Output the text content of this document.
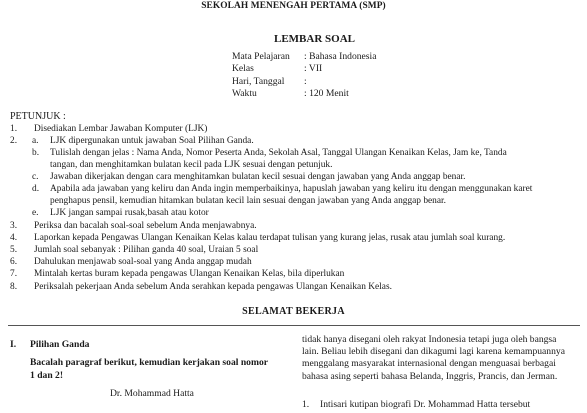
SEKOLAH MENENGAH PERTAMA (SMP)
LEMBAR SOAL
Mata Pelajaran : Bahasa Indonesia
Kelas	: VII
Hari, Tanggal :
Waktu	: 120 Menit
PETUNJUK :
1. Disediakan Lembar Jawaban Komputer (LJK)
2. a. LJK dipergunakan untuk jawaban Soal Pilihan Ganda.
b. Tulislah dengan jelas : Nama Anda, Nomor Peserta Anda, Sekolah Asal, Tanggal Ulangan Kenaikan Kelas, Jam ke, Tanda
tangan, dan menghitamkan bulatan kecil pada LJK sesuai dengan petunjuk.
c. Jawaban dikerjakan dengan cara menghitamkan bulatan kecil sesuai dengan jawaban yang Anda anggap benar.
d. Apabila ada jawaban yang keliru dan Anda ingin memperbaikinya, hapuslah jawaban yang keliru itu dengan menggunakan karet
penghapus pensil, kemudian hitamkan bulatan kecil lain sesuai dengan jawaban yang Anda anggap benar.
e. LJK jangan sampai rusak,basah atau kotor
3. Periksa dan bacalah soal-soal sebelum Anda menjawabnya.
4. Laporkan kepada Pengawas Ulangan Kenaikan Kelas kalau terdapat tulisan yang kurang jelas, rusak atau jumlah soal kurang.
5. Jumlah soal sebanyak : Pilihan ganda 40 soal, Uraian 5 soal
6. Dahulukan menjawab soal-soal yang Anda anggap mudah
7. Mintalah kertas buram kepada pengawas Ulangan Kenaikan Kelas, bila diperlukan
8. Periksalah pekerjaan Anda sebelum Anda serahkan kepada pengawas Ulangan Kenaikan Kelas.
SELAMAT BEKERJA
I. Pilihan Ganda
Bacalah paragraf berikut, kemudian kerjakan soal nomor
1 dan 2!
Dr. Mohammad Hatta
tidak hanya disegani oleh rakyat Indonesia tetapi juga oleh bangsa
lain. Beliau lebih disegani dan dikagumi lagi karena kemampuannya
menggalang masyarakat internasional dengan menguasai berbagai
bahasa asing seperti bahasa Belanda, Inggris, Prancis, dan Jerman.
1. Intisari kutipan biografi Dr. Mohammad Hatta tersebut
